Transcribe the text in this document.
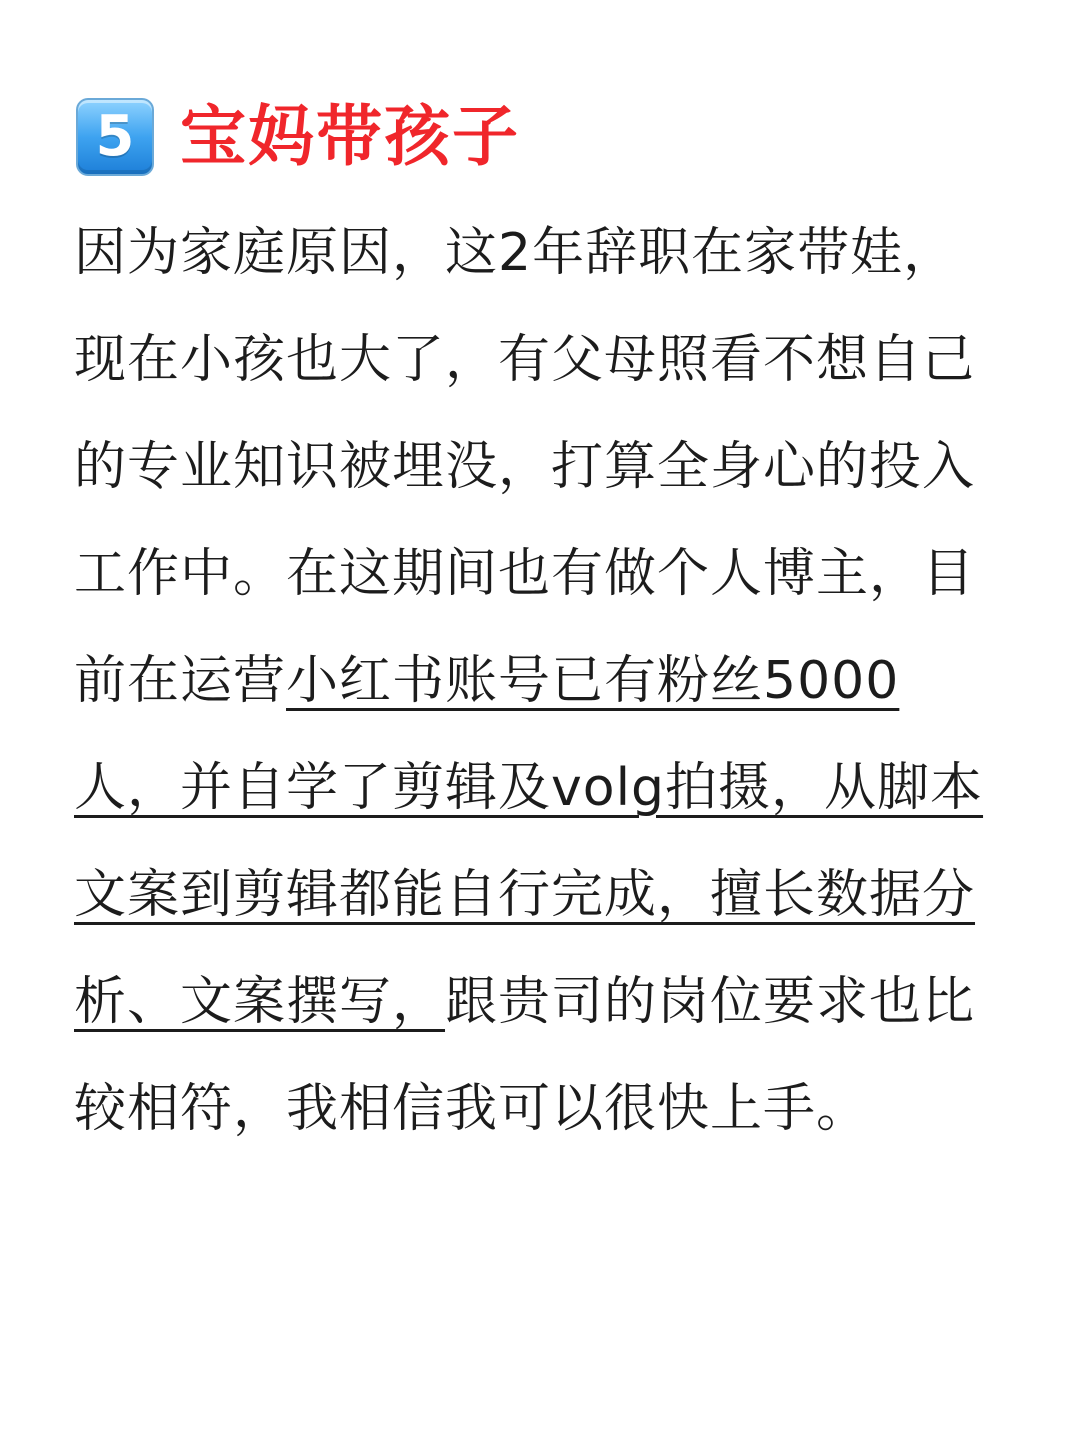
5 宝妈带孩子

因为家庭原因，这2年辞职在家带娃，
现在小孩也大了，有父母照看不想自己
的专业知识被埋没，打算全身心的投入
工作中。在这期间也有做个人博主，目
前在运营小红书账号已有粉丝5000
人，并自学了剪辑及volg拍摄，从脚本
文案到剪辑都能自行完成，擅长数据分
析、文案撰写，跟贵司的岗位要求也比
较相符，我相信我可以很快上手。
